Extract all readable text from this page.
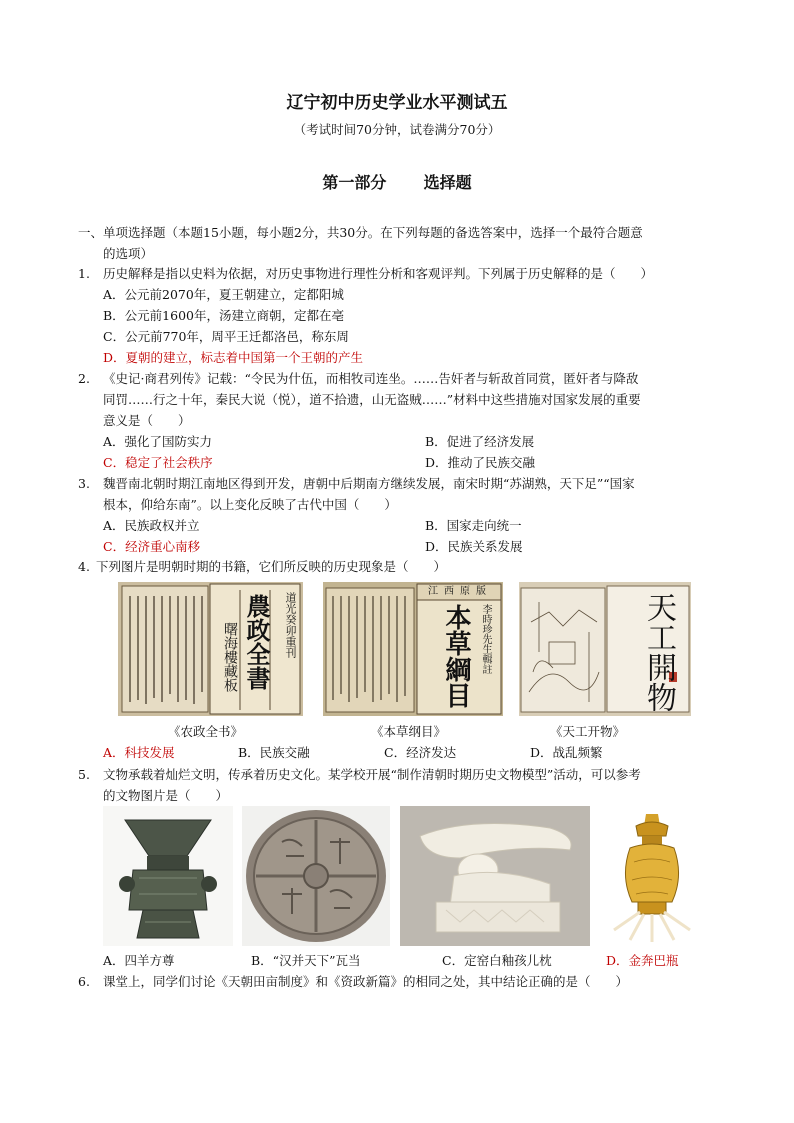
辽宁初中历史学业水平测试五
（考试时间70分钟，试卷满分70分）
第一部分 选择题
一、单项选择题（本题15小题，每小题2分，共30分。在下列每题的备选答案中，选择一个最符合题意
的选项）
1. 历史解释是指以史料为依据，对历史事物进行理性分析和客观评判。下列属于历史解释的是（　　）
A．公元前2070年，夏王朝建立，定都阳城
B．公元前1600年，汤建立商朝，定都在亳
C．公元前770年，周平王迁都洛邑，称东周
D．夏朝的建立，标志着中国第一个王朝的产生
2. 《史记·商君列传》记载：“令民为什伍，而相牧司连坐。……告奸者与斩敌首同赏，匿奸者与降敌
同罚……行之十年，秦民大说（悦），道不拾遗，山无盗贼……”材料中这些措施对国家发展的重要
意义是（　　）
A．强化了国防实力	B．促进了经济发展
C．稳定了社会秩序	D．推动了民族交融
3. 魏晋南北朝时期江南地区得到开发，唐朝中后期南方继续发展，南宋时期“苏湖熟，天下足”“国家
根本，仰给东南”。以上变化反映了古代中国（　　）
A．民族政权并立	B．国家走向统一
C．经济重心南移	D．民族关系发展
4. 下列图片是明朝时期的书籍，它们所反映的历史现象是（　　）
道光癸卯重刊
農政全書
曙海樓藏板
江西原版
本草綱目 李時珍先生輯註	天工開物
《农政全书》	《本草纲目》	《天工开物》
A．科技发展	B．民族交融	C．经济发达	D．战乱频繁
5. 文物承载着灿烂文明，传承着历史文化。某学校开展“制作清朝时期历史文物模型”活动，可以参考
的文物图片是（　　）
A．四羊方尊	B．“汉并天下”瓦当	C．定窑白釉孩儿枕	D．金奔巴瓶
6. 课堂上，同学们讨论《天朝田亩制度》和《资政新篇》的相同之处，其中结论正确的是（　　）
